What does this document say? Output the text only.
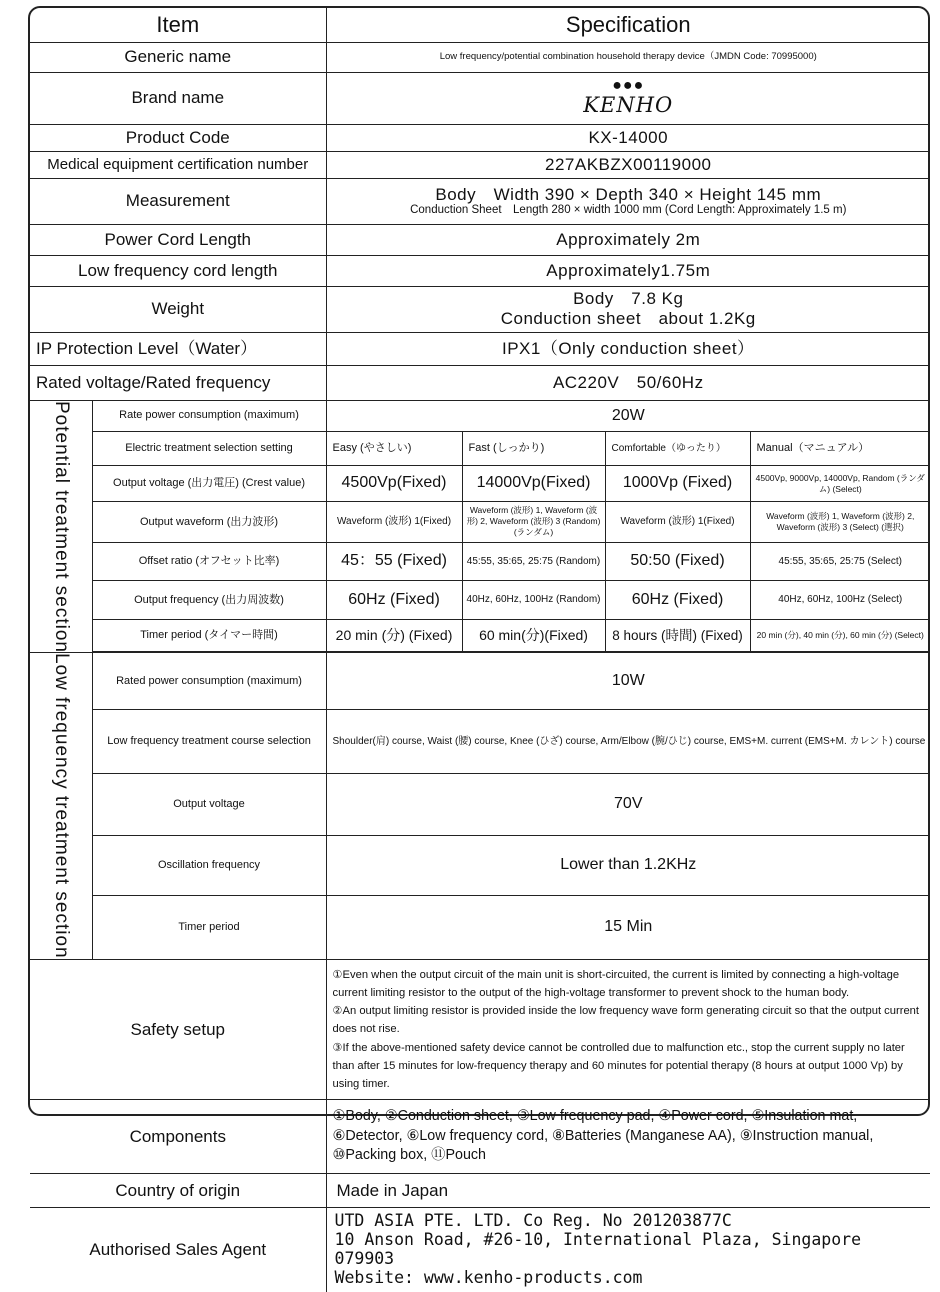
Item		Specification			
Generic name		Low frequency/potential combination household therapy device（JMDN Code: 70995000)			
Brand name		●●●
KENHO			

Product Code		KX-14000			
Medical equipment certification number		227AKBZX00119000			
Measurement		Body　Width 390 × Depth 340 × Height 145 mm
Conduction Sheet　Length 280 × width 1000 mm (Cord Length: Approximately 1.5 m)			

Power Cord Length		Approximately 2m			
Low frequency cord length		Approximately1.75m			
Weight		Body　7.8 Kg
Conduction sheet　about 1.2Kg			

IP Protection Level（Water）		IPX1（Only conduction sheet）			
Rated voltage/Rated frequency		AC220V　50/60Hz			

Potential treatment section	Rate power consumption (maximum)	20W			
	Electric treatment selection setting	Easy (やさしい)	Fast (しっかり)	Comfortable（ゆったり）	Manual（マニュアル）
	Output voltage (出力電圧) (Crest value)	4500Vp(Fixed)	14000Vp(Fixed)	1000Vp (Fixed)	4500Vp, 9000Vp, 14000Vp, Random (ランダム) (Select)
	Output waveform (出力波形)	Waveform (波形) 1(Fixed)	Waveform (波形) 1, Waveform (波形) 2, Waveform (波形) 3 (Random) (ランダム)	Waveform (波形) 1(Fixed)	Waveform (波形) 1, Waveform (波形) 2, Waveform (波形) 3 (Select) (選択)
	Offset ratio (オフセット比率)	45：55 (Fixed)	45:55, 35:65, 25:75 (Random)	50:50 (Fixed)	45:55, 35:65, 25:75 (Select)
	Output frequency (出力周波数)	60Hz (Fixed)	40Hz, 60Hz, 100Hz (Random)	60Hz (Fixed)	40Hz, 60Hz, 100Hz (Select)
	Timer period (タイマー時間)	20 min (分) (Fixed)	60 min(分)(Fixed)	8 hours (時間) (Fixed)	20 min (分), 40 min (分), 60 min (分) (Select)

Low frequency treatment section	Rated power consumption (maximum)	10W			
	Low frequency treatment course selection	Shoulder(肩) course, Waist (腰) course, Knee (ひざ) course, Arm/Elbow (腕/ひじ) course, EMS+M. current (EMS+M. カレント) course			
	Output voltage	70V			
	Oscillation frequency	Lower than 1.2KHz			
	Timer period	15 Min			
Safety setup		①Even when the output circuit of the main unit is short-circuited, the current is limited by connecting a high-voltage current limiting resistor to the output of the high-voltage transformer to prevent shock to the human body.
②An output limiting resistor is provided inside the low frequency wave form generating circuit so that the output current does not rise.
③If the above-mentioned safety device cannot be controlled due to malfunction etc., stop the current supply no later than after 15 minutes for low-frequency therapy and 60 minutes for potential therapy (8 hours at output 1000 Vp) by using timer.			

Components		①Body, ②Conduction sheet, ③Low frequency pad, ④Power cord, ⑤Insulation mat, ⑥Detector, ⑥Low frequency cord, ⑧Batteries (Manganese AA), ⑨Instruction manual, ⑩Packing box, ⑪Pouch			
Country of origin		Made in Japan			
Authorised Sales Agent		UTD ASIA PTE. LTD. Co Reg. No 201203877C
10 Anson Road, #26-10, International Plaza, Singapore 079903
Website: www.kenho-products.com			
